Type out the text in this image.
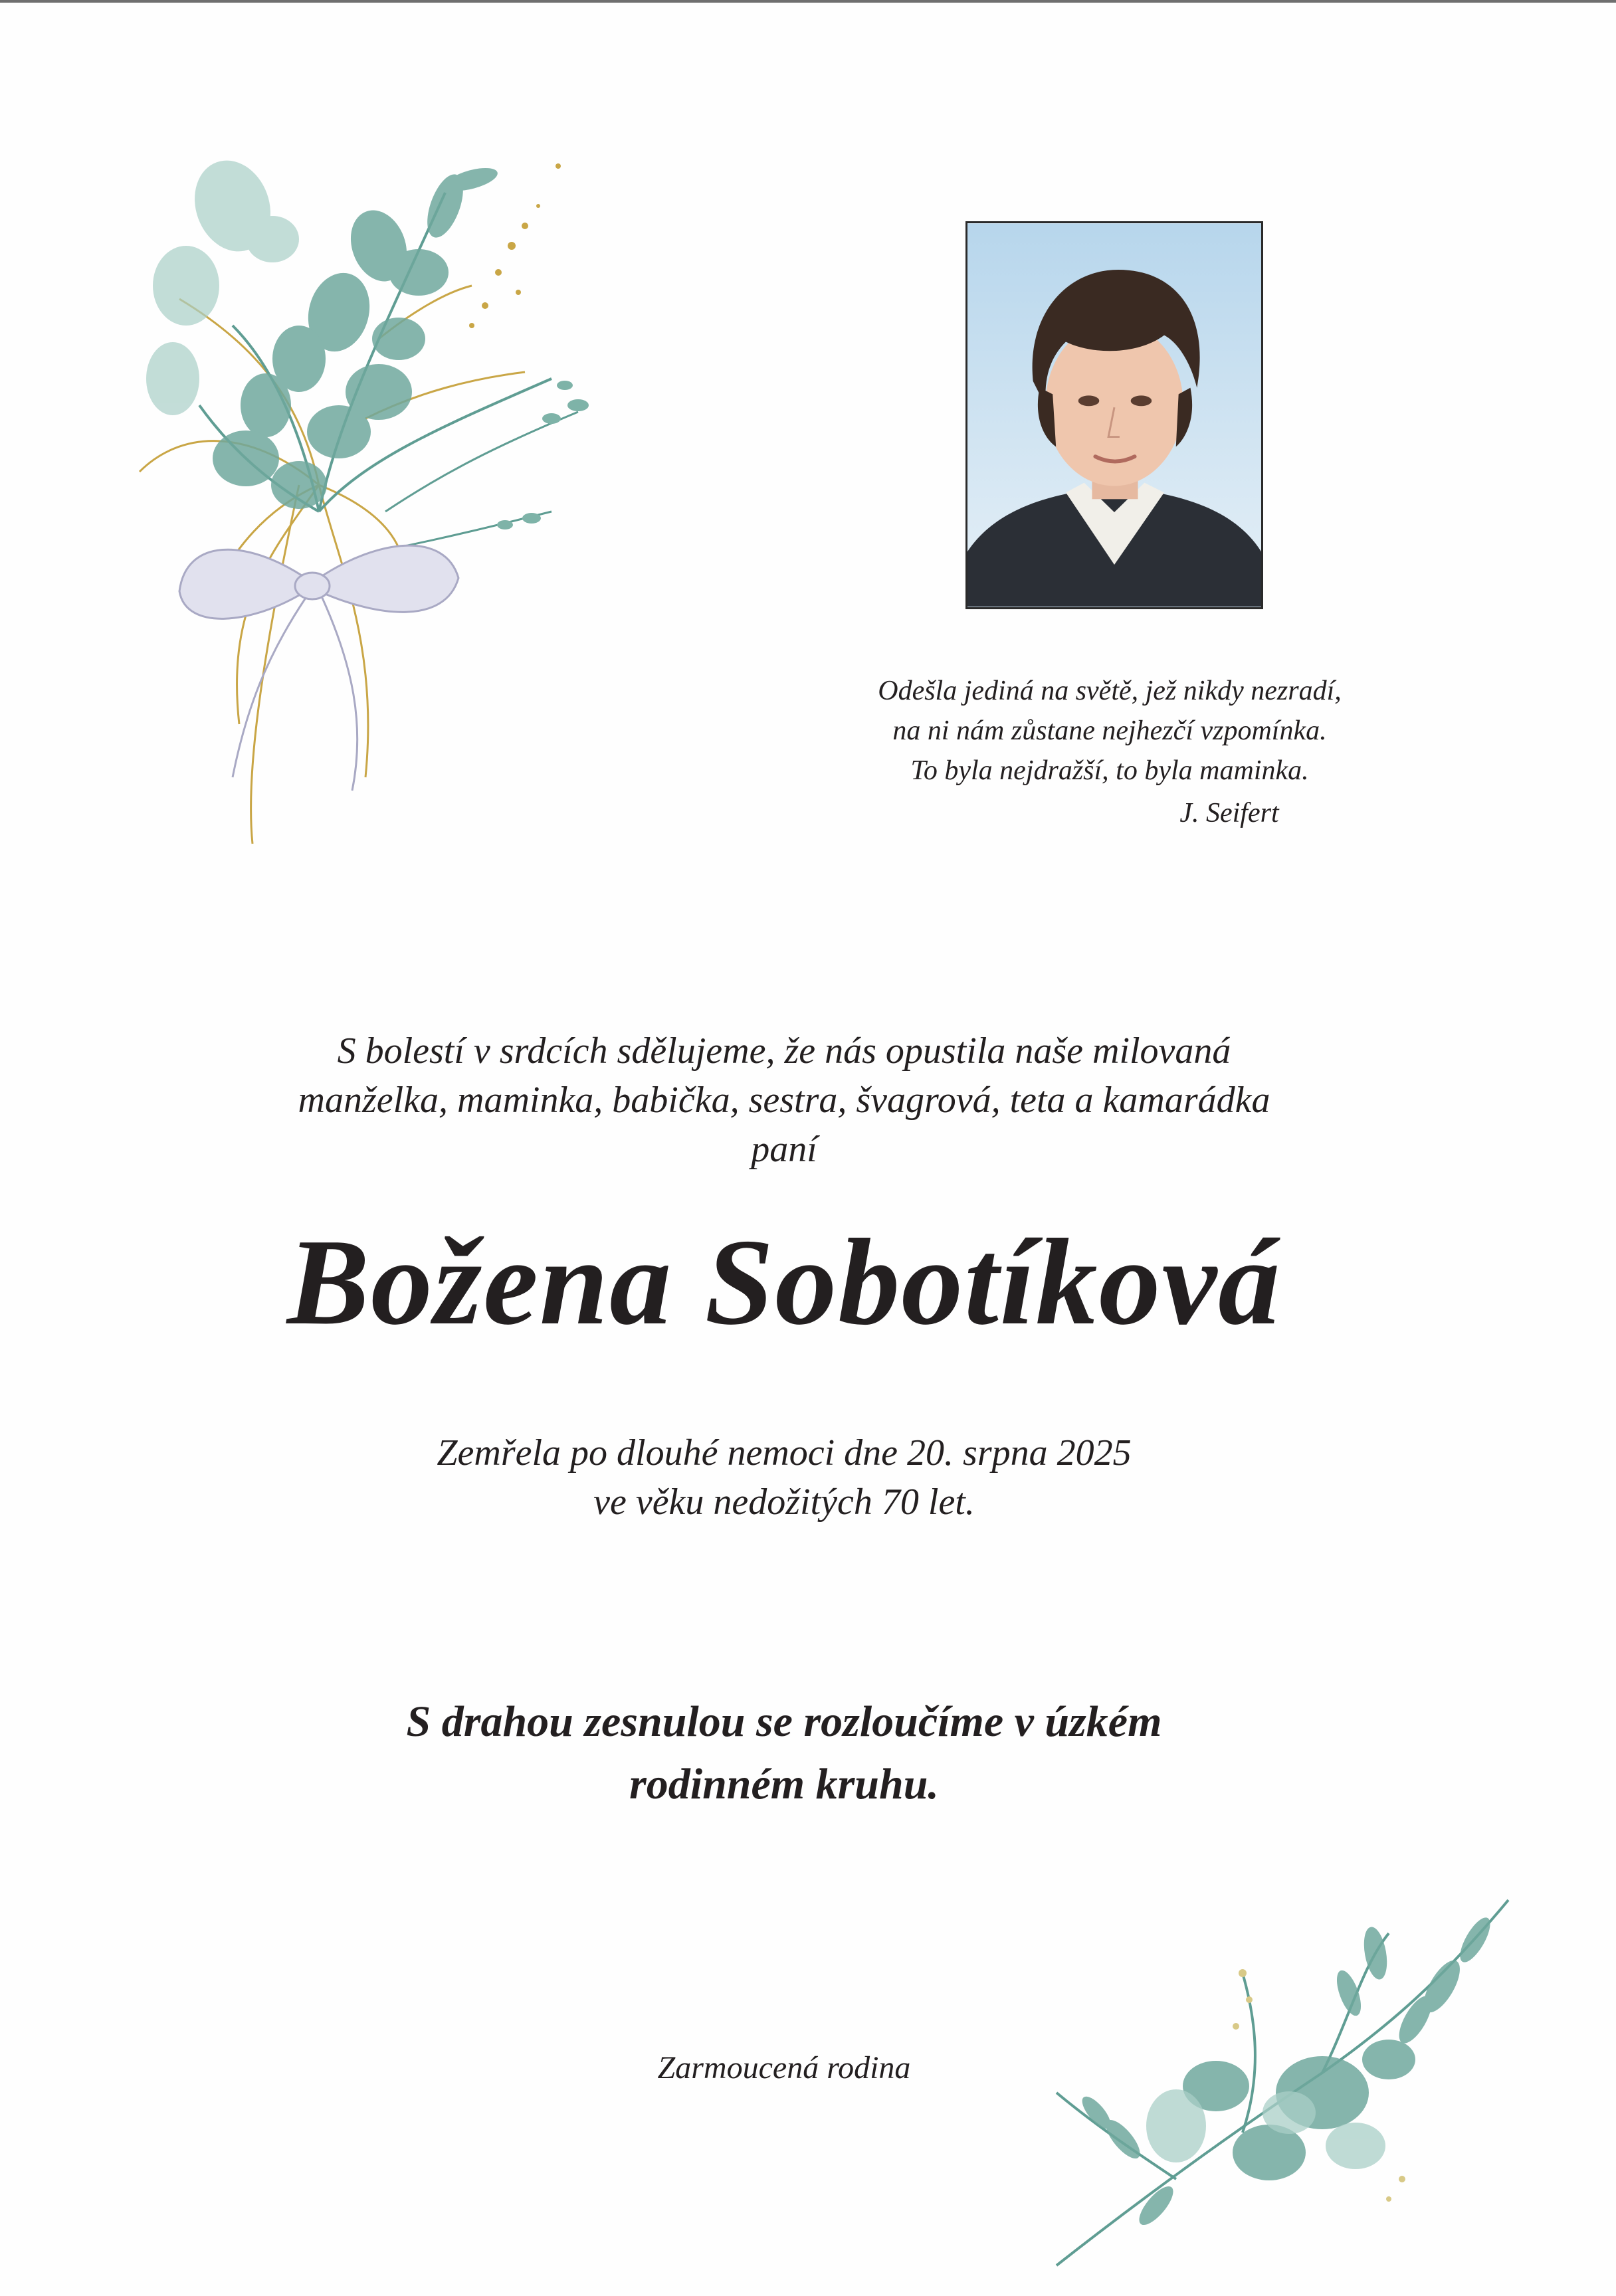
Odešla jediná na světě, jež nikdy nezradí,
na ni nám zůstane nejhezčí vzpomínka.
To byla nejdražší, to byla maminka.
J. Seifert
S bolestí v srdcích sdělujeme, že nás opustila naše milovaná
manželka, maminka, babička, sestra, švagrová, teta a kamarádka
paní
Božena Sobotíková
Zemřela po dlouhé nemoci dne 20. srpna 2025
ve věku nedožitých 70 let.
S drahou zesnulou se rozloučíme v úzkém
rodinném kruhu.
Zarmoucená rodina
